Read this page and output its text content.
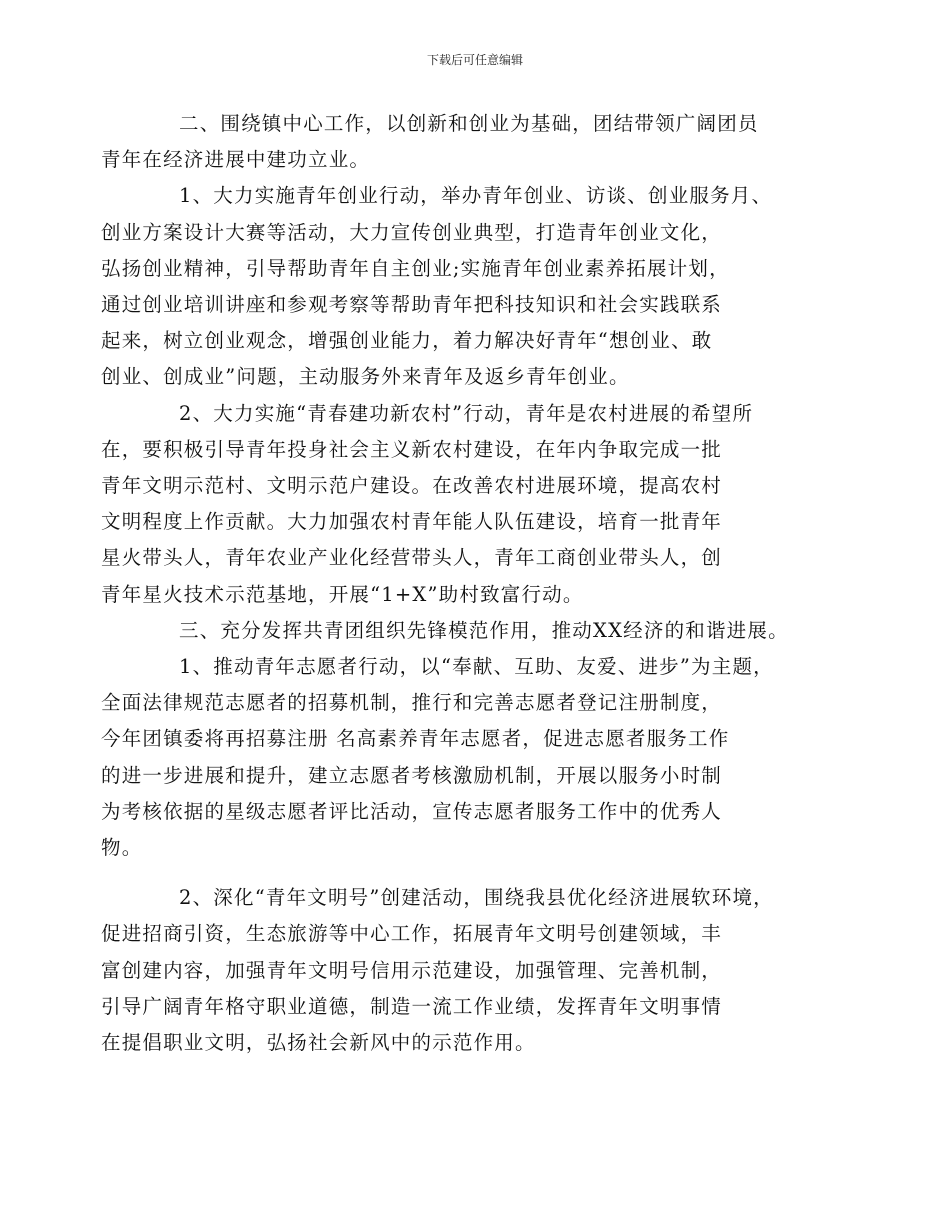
下载后可任意编辑

二、围绕镇中心工作，以创新和创业为基础，团结带领广阔团员
青年在经济进展中建功立业。

1、大力实施青年创业行动，举办青年创业、访谈、创业服务月、
创业方案设计大赛等活动，大力宣传创业典型，打造青年创业文化，
弘扬创业精神，引导帮助青年自主创业;实施青年创业素养拓展计划，
通过创业培训讲座和参观考察等帮助青年把科技知识和社会实践联系
起来，树立创业观念，增强创业能力，着力解决好青年“想创业、敢
创业、创成业”问题，主动服务外来青年及返乡青年创业。

2、大力实施“青春建功新农村”行动，青年是农村进展的希望所
在，要积极引导青年投身社会主义新农村建设，在年内争取完成一批
青年文明示范村、文明示范户建设。在改善农村进展环境，提高农村
文明程度上作贡献。大力加强农村青年能人队伍建设，培育一批青年
星火带头人，青年农业产业化经营带头人，青年工商创业带头人，创
青年星火技术示范基地，开展“1+X”助村致富行动。

三、充分发挥共青团组织先锋模范作用，推动XX经济的和谐进展。

1、推动青年志愿者行动，以“奉献、互助、友爱、进步”为主题，
全面法律规范志愿者的招募机制，推行和完善志愿者登记注册制度，
今年团镇委将再招募注册 名高素养青年志愿者，促进志愿者服务工作
的进一步进展和提升，建立志愿者考核激励机制，开展以服务小时制
为考核依据的星级志愿者评比活动，宣传志愿者服务工作中的优秀人
物。

2、深化“青年文明号”创建活动，围绕我县优化经济进展软环境，
促进招商引资，生态旅游等中心工作，拓展青年文明号创建领域，丰
富创建内容，加强青年文明号信用示范建设，加强管理、完善机制，
引导广阔青年格守职业道德，制造一流工作业绩，发挥青年文明事情
在提倡职业文明，弘扬社会新风中的示范作用。
